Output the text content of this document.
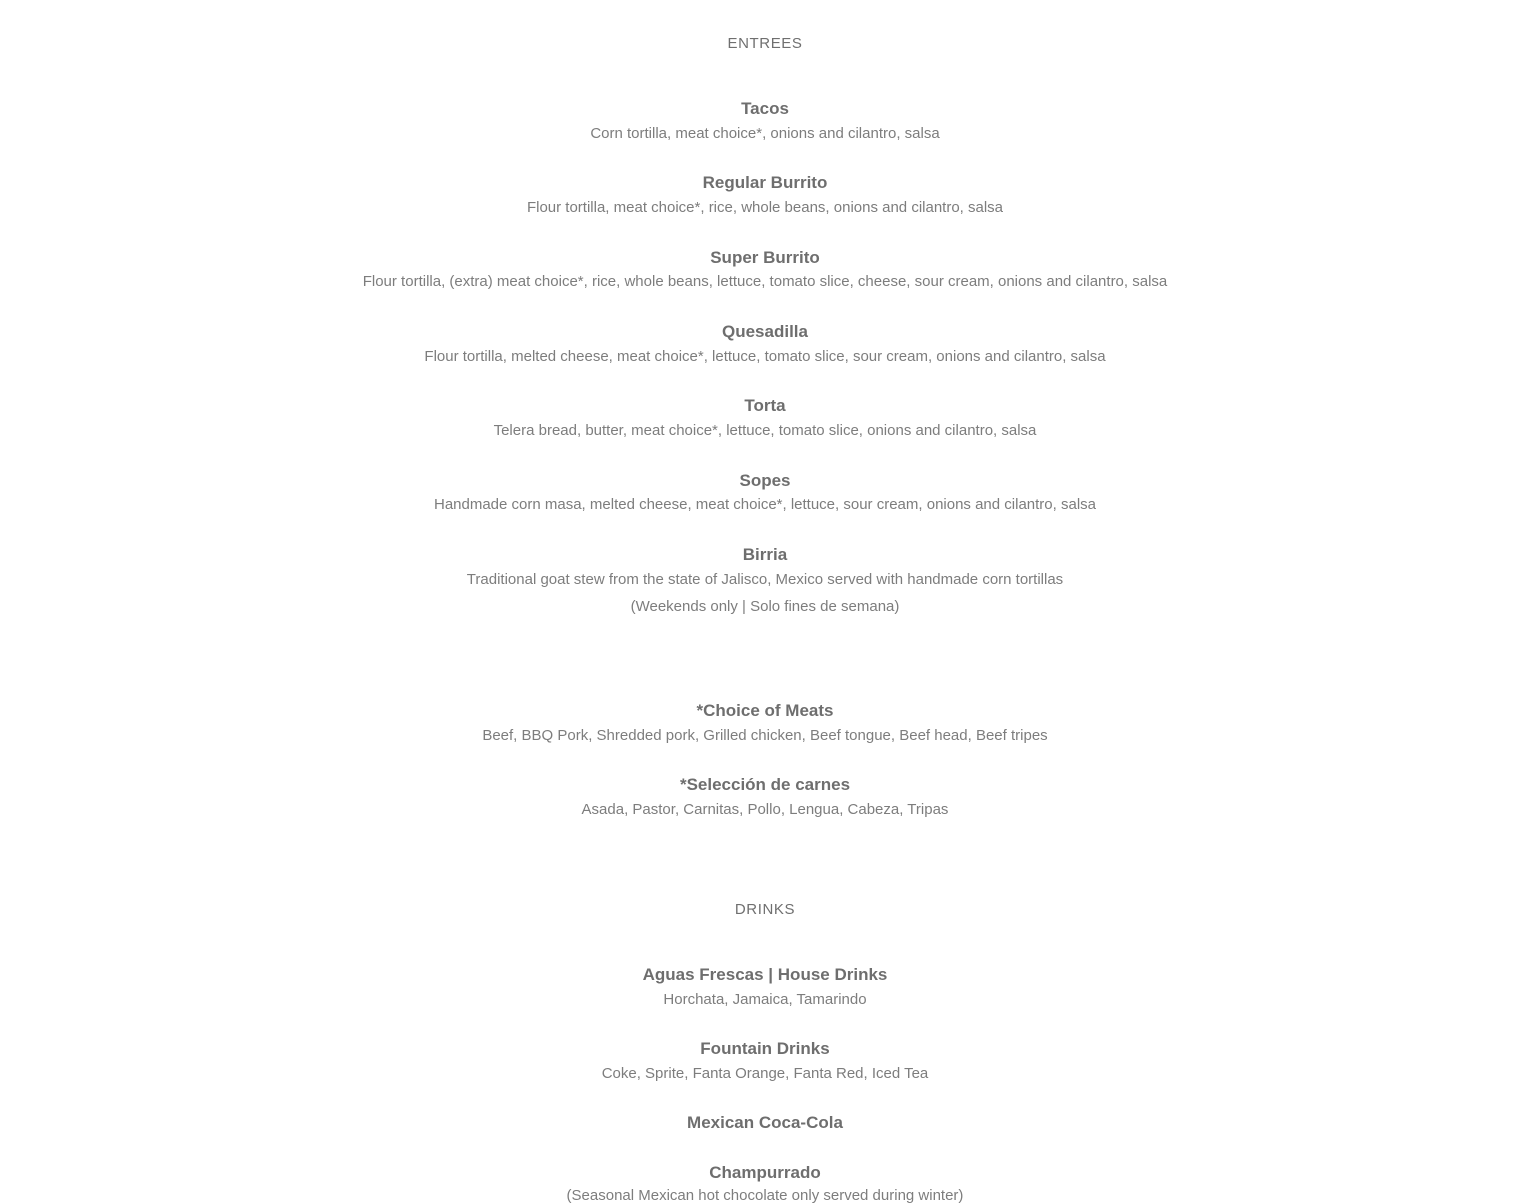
ENTREES
Tacos
Corn tortilla, meat choice*, onions and cilantro, salsa
Regular Burrito
Flour tortilla, meat choice*, rice, whole beans, onions and cilantro, salsa
Super Burrito
Flour tortilla, (extra) meat choice*, rice, whole beans, lettuce, tomato slice, cheese, sour cream, onions and cilantro, salsa
Quesadilla
Flour tortilla, melted cheese, meat choice*, lettuce, tomato slice, sour cream, onions and cilantro, salsa
Torta
Telera bread, butter, meat choice*, lettuce, tomato slice, onions and cilantro, salsa
Sopes
Handmade corn masa, melted cheese, meat choice*, lettuce, sour cream, onions and cilantro, salsa
Birria
Traditional goat stew from the state of Jalisco, Mexico served with handmade corn tortillas
(Weekends only | Solo fines de semana)
*Choice of Meats
Beef, BBQ Pork, Shredded pork, Grilled chicken, Beef tongue, Beef head, Beef tripes
*Selección de carnes
Asada, Pastor, Carnitas, Pollo, Lengua, Cabeza, Tripas
DRINKS
Aguas Frescas | House Drinks
Horchata, Jamaica, Tamarindo
Fountain Drinks
Coke, Sprite, Fanta Orange, Fanta Red, Iced Tea
Mexican Coca-Cola
Champurrado
(Seasonal Mexican hot chocolate only served during winter)
